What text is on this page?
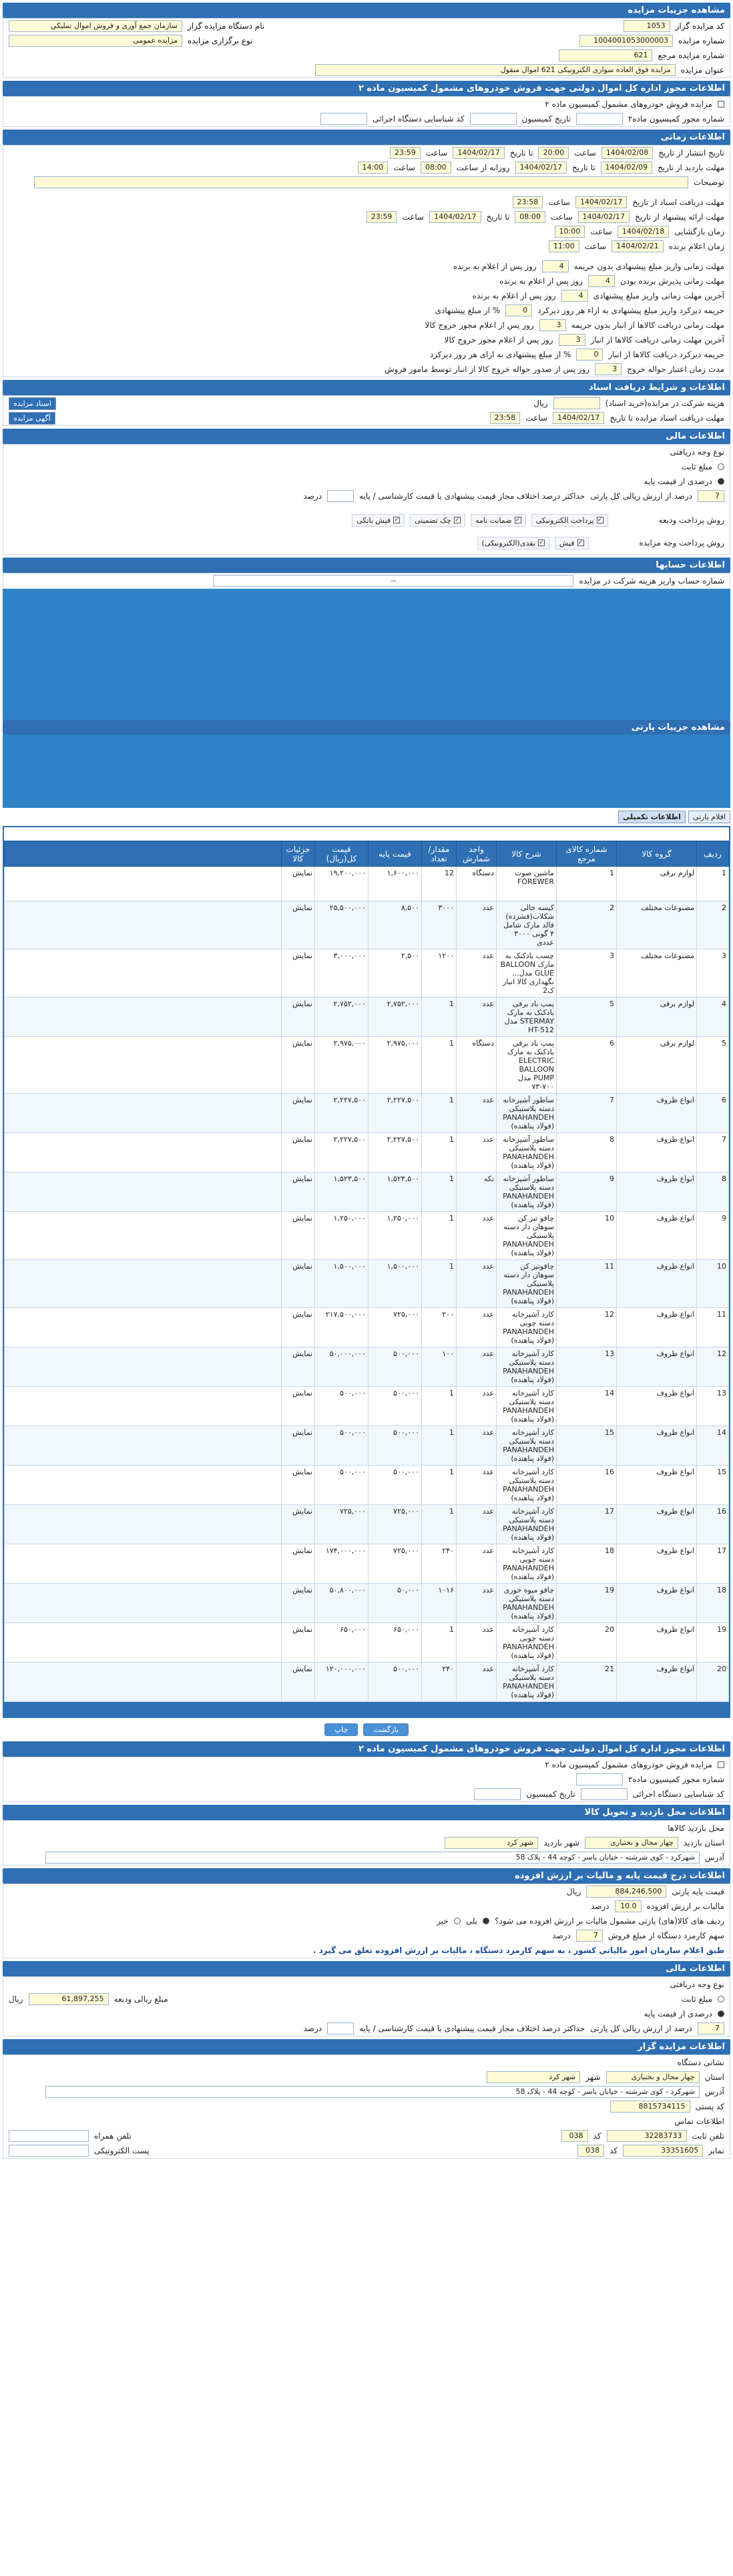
مشاهده جزییات مزایده
کد مزایده گزار
1053
نام دستگاه مزایده گزار
سازمان جمع آوری و فروش اموال تمليكي
شماره مزایده
1004001053000003
نوع برگزاری مزایده
مزایده عمومی
شماره مزایده مرجع
621
عنوان مزایده
مزایده فوق العاده سواری الکترونیکی 621 اموال منقول
اطلاعات مجوز اداره کل اموال دولتی جهت فروش خودروهای مشمول کمیسیون ماده ۲
مزایده فروش خودروهای مشمول کمیسیون ماده ۲
شماره مجوز کمیسیون ماده۲
تاریخ کمیسیون
کد شناسایی دستگاه اجرائی
اطلاعات زمانی
تاریخ انتشار از تاریخ
1404/02/08
ساعت
20:00
تا تاریخ
1404/02/17
ساعت
23:59
مهلت بازدید از تاریخ
1404/02/09
تا تاریخ
1404/02/17
روزانه از ساعت
08:00
ساعت
14:00
توضیحات
مهلت دریافت اسناد از تاریخ
1404/02/17
ساعت
23:58
مهلت ارائه پیشنهاد از تاریخ
1404/02/17
ساعت
08:00
تا تاریخ
1404/02/17
ساعت
23:59
زمان بازگشایی
1404/02/18
ساعت
10:00
زمان اعلام برنده
1404/02/21
ساعت
11:00
مهلت زمانی واریز مبلغ پیشنهادی بدون جریمه
4
روز پس از اعلام به برنده
مهلت زمانی پذیرش برنده بودن
4
روز پس از اعلام به برنده
آخرین مهلت زمانی واریز مبلغ پیشنهادی
4
روز پس از اعلام به برنده
جریمه دیرکرد واریز مبلغ پیشنهادی به ازاء هر روز دیرکرد
0
% از مبلغ پیشنهادی
مهلت زمانی دریافت کالاها از انبار بدون جریمه
3
روز پس از اعلام مجوز خروج کالا
آخرین مهلت زمانی دریافت کالاها از انبار
3
روز پس از اعلام مجوز خروج کالا
جریمه دیرکرد دریافت کالاها از انبار
0
% از مبلغ پیشنهادی به ازای هر روز دیرکرد
مدت زمان اعتبار حواله خروج
3
روز پس از صدور حواله خروج کالا از انبار توسط مامور فروش
اطلاعات و شرایط دریافت اسناد
هزینه شرکت در مزایده(خرید اسناد)
ریال
اسناد مزایده
مهلت دریافت اسناد مزایده تا تاریخ
1404/02/17
ساعت
23:58
آگهی مزایده
اطلاعات مالی
نوع وجه دریافتی
مبلغ ثابت
درصدی از قیمت پایه
7
درصد از ارزش ریالی کل پارتی
حداکثر درصد اختلاف مجاز قیمت پیشنهادی با قیمت کارشناسی / پایه
درصد
روش پرداخت ودیعه
✓
پرداخت الکترونیکی
✓
ضمانت نامه
✓
چک تضمینی
✓
فیش بانکی
روش پرداخت وجه مزایده
✓
فیش
✓
نقدی(الکترونیکی)
اطلاعات حسابها
شماره حساب واریز هزینه شرکت در مزایده
--
مشاهده جزییات پارتی
اقلام پارتی
اطلاعات تکمیلی
ردیف	گروه کالا	شماره کالای مرجع	شرح کالا	واحد شمارش	مقدار/ تعداد	قیمت پایه	قیمت کل(ریال)	جزئیات کالا	
1	لوازم برقی	1	ماشین صوت FOREWER	دستگاه	12	۱,۶۰۰,۰۰۰	۱۹,۲۰۰,۰۰۰	نمایش	
2	مصنوعات مختلف	2	کیسه خالی شکلات(فشرده) فالد مارک شامل ۴ گونی ۳۰۰۰ عددی	عدد	۳۰۰۰	۸,۵۰۰	۲۵,۵۰۰,۰۰۰	نمایش	
3	مصنوعات مختلف	3	چسب بادکنک به مارک BALLOON GLUE مدل... نگهداری کالا انبار ک2	عدد	۱۲۰۰	۲,۵۰۰	۳,۰۰۰,۰۰۰	نمایش	
4	لوازم برقی	5	پمپ باد برقی بادکنک به مارک STERMAY مدل HT-512	عدد	1	۲,۷۵۲,۰۰۰	۲,۷۵۲,۰۰۰	نمایش	
5	لوازم برقی	6	پمپ باد برقی بادکنک به مارک ELECTRIC BALLOON PUMP مدل ۷۰۰-۷۳	دستگاه	1	۲,۹۷۵,۰۰۰	۲,۹۷۵,۰۰۰	نمایش	
6	انواع ظروف	7	ساطور آشپزخانه دسته پلاستیکی PANAHANDEH (فولاد پناهنده)	عدد	1	۲,۲۲۷,۵۰۰	۲,۲۲۷,۵۰۰	نمایش	
7	انواع ظروف	8	ساطور آشپزخانه دسته پلاستیکی PANAHANDEH (فولاد پناهنده)	عدد	1	۲,۲۲۷,۵۰۰	۲,۲۲۷,۵۰۰	نمایش	
8	انواع ظروف	9	ساطور آشپزخانه دسته پلاستیکی PANAHANDEH (فولاد پناهنده)	تکه	1	۱,۵۲۳,۵۰۰	۱,۵۲۳,۵۰۰	نمایش	
9	انواع ظروف	10	چاقو تیز کن سوهان دار دسته پلاستیکی PANAHANDEH (فولاد پناهنده)	عدد	1	۱,۲۵۰,۰۰۰	۱,۲۵۰,۰۰۰	نمایش	
10	انواع ظروف	11	چاقوتیز کن سوهان دار دسته پلاستیکی PANAHANDEH (فولاد پناهنده)	عدد	1	۱,۵۰۰,۰۰۰	۱,۵۰۰,۰۰۰	نمایش	
11	انواع ظروف	12	کارد آشپزخانه دسته چوبی PANAHANDEH (فولاد پناهنده)	عدد	۲۰۰	۷۲۵,۰۰۰	۲۱۷,۵۰۰,۰۰۰	نمایش	
12	انواع ظروف	13	کارد آشپزخانه دسته پلاستیکی PANAHANDEH (فولاد پناهنده)	عدد	۱۰۰	۵۰۰,۰۰۰	۵۰,۰۰۰,۰۰۰	نمایش	
13	انواع ظروف	14	کارد آشپزخانه دسته پلاستیکی PANAHANDEH (فولاد پناهنده)	عدد	1	۵۰۰,۰۰۰	۵۰۰,۰۰۰	نمایش	
14	انواع ظروف	15	کارد آشپزخانه دسته پلاستیکی PANAHANDEH (فولاد پناهنده)	عدد	1	۵۰۰,۰۰۰	۵۰۰,۰۰۰	نمایش	
15	انواع ظروف	16	کارد آشپزخانه دسته پلاستیکی PANAHANDEH (فولاد پناهنده)	عدد	1	۵۰۰,۰۰۰	۵۰۰,۰۰۰	نمایش	
16	انواع ظروف	17	کارد آشپزخانه دسته پلاستیکی PANAHANDEH (فولاد پناهنده)	عدد	1	۷۲۵,۰۰۰	۷۲۵,۰۰۰	نمایش	
17	انواع ظروف	18	کارد آشپزخانه دسته چوبی PANAHANDEH (فولاد پناهنده)	عدد	۲۴۰	۷۲۵,۰۰۰	۱۷۴,۰۰۰,۰۰۰	نمایش	
18	انواع ظروف	19	چاقو میوه خوری دسته پلاستیکی PANAHANDEH (فولاد پناهنده)	عدد	۱۰۱۶	۵۰,۰۰۰	۵۰,۸۰۰,۰۰۰	نمایش	
19	انواع ظروف	20	کارد آشپزخانه دسته چوبی PANAHANDEH (فولاد پناهنده)	عدد	1	۶۵۰,۰۰۰	۶۵۰,۰۰۰	نمایش	
20	انواع ظروف	21	کارد آشپزخانه دسته پلاستیکی PANAHANDEH (فولاد پناهنده)	عدد	۲۴۰	۵۰۰,۰۰۰	۱۲۰,۰۰۰,۰۰۰	نمایش	
بازگشت
چاپ
اطلاعات مجوز اداره کل اموال دولتی جهت فروش خودروهای مشمول کمیسیون ماده ۲
مزایده فروش خودروهای مشمول کمیسیون ماده ۲
شماره مجوز کمیسیون ماده۲
کد شناسایی دستگاه اجرائی
تاریخ کمیسیون
اطلاعات محل بازدید و تحویل کالا
محل بازدید کالاها
استان بازدید
چهار محال و بختیاری
شهر بازدید
شهر کرد
آدرس
شهرکرد - کوی شرشته - خیابان یاسر - کوچه 44 - پلاک 58
اطلاعات درج قیمت پایه و مالیات بر ارزش افزوده
قیمت پایه پارتی
884,246,500
ریال
مالیات بر ارزش افزوده
10.0
درصد
ردیف های کالا(های) پارتی مشمول مالیات بر ارزش افزوده می شود؟
بلی
خیر
سهم کارمزد دستگاه از مبلغ فروش
7
درصد
طبق اعلام سازمان امور مالیاتی کشور ، به سهم کارمزد دستگاه ، مالیات بر ارزش افزوده تعلق می گیرد .
اطلاعات مالی
نوع وجه دریافتی
مبلغ ثابت
مبلغ ریالی ودیعه
61,897,255
ریال
درصدی از قیمت پایه
7
درصد از ارزش ریالی کل پارتی
حداکثر درصد اختلاف مجاز قیمت پیشنهادی با قیمت کارشناسی / پایه
درصد
اطلاعات مزایده گزار
نشانی دستگاه
استان
چهار محال و بختیاری
شهر
شهر کرد
آدرس
شهرکرد - کوی شرشته - خیابان یاسر - کوچه 44 - پلاک 58
کد پستی
8815734115
اطلاعات تماس
تلفن ثابت
32283733
کد
038
تلفن همراه
نمابر
33351605
کد
038
پست الکترونیکی
